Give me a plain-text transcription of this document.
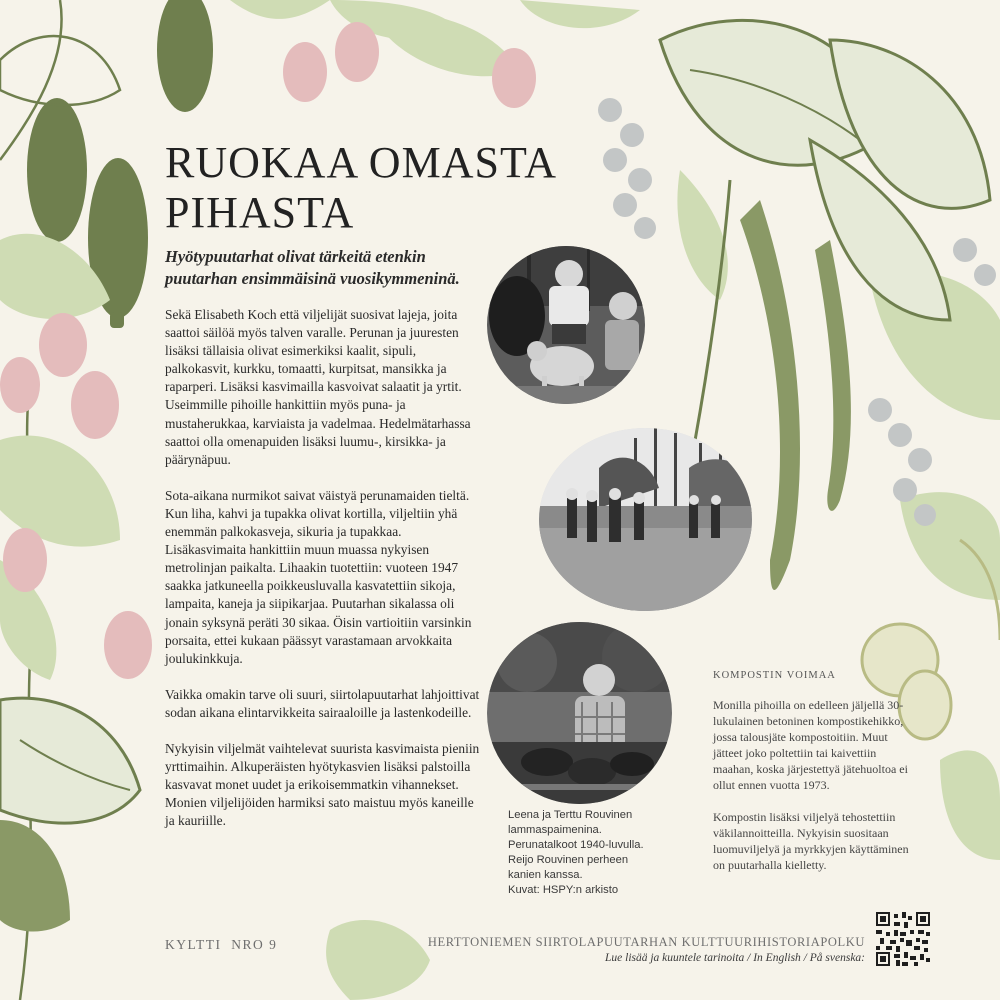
RUOKAA OMASTA
PIHASTA

Hyötypuutarhat olivat tärkeitä etenkin puutarhan ensimmäisinä vuosikymmeninä.

Sekä Elisabeth Koch että viljelijät suosivat lajeja, joita saattoi säilöä myös talven varalle. Perunan ja juuresten lisäksi tällaisia olivat esimerkiksi kaalit, sipuli, palkokasvit, kurkku, tomaatti, kurpitsat, mansikka ja raparperi. Lisäksi kasvimailla kasvoivat salaatit ja yrtit. Useimmille pihoille hankittiin myös puna- ja mustaherukkaa, karviaista ja vadelmaa. Hedelmätarhassa saattoi olla omenapuiden lisäksi luumu-, kirsikka- ja päärynäpuu.

Sota-aikana nurmikot saivat väistyä perunamaiden tieltä. Kun liha, kahvi ja tupakka olivat kortilla, viljeltiin yhä enemmän palkokasveja, sikuria ja tupakkaa. Lisäkasvimaita hankittiin muun muassa nykyisen metrolinjan paikalta. Lihaakin tuotettiin: vuoteen 1947 saakka jatkuneella poikkeusluvalla kasvatettiin sikoja, lampaita, kaneja ja siipikarjaa. Puutarhan sikalassa oli jonain syksynä peräti 30 sikaa. Öisin vartioitiin varsinkin porsaita, ettei kukaan päässyt varastamaan arvokkaita joulukinkkuja.

Vaikka omakin tarve oli suuri, siirtolapuutarhat lahjoittivat sodan aikana elintarvikkeita sairaaloille ja lastenkodeille.

Nykyisin viljelmät vaihtelevat suurista kasvimaista pieniin yrttimaihin. Alkuperäisten hyötykasvien lisäksi palstoilla kasvavat monet uudet ja erikoisemmatkin vihannekset. Monien viljelijöiden harmiksi sato maistuu myös kaneille ja kauriille.	Leena ja Terttu Rouvinen
lammaspaimenina.
Perunatalkoot 1940-luvulla.
Reijo Rouvinen perheen
kanien kanssa.
Kuvat: HSPY:n arkisto
KOMPOSTIN VOIMAA

Monilla pihoilla on edelleen jäljellä 30-lukulainen betoninen kompostikehikko, jossa talousjäte kompostoitiin. Muut jätteet joko poltettiin tai kaivettiin maahan, koska järjestettyä jätehuoltoa ei ollut ennen vuotta 1973.

Kompostin lisäksi viljelyä tehostettiin väkilannoitteilla. Nykyisin suositaan luomuviljelyä ja myrkkyjen käyttäminen on puutarhalla kielletty.

KYLTTI  NRO 9	HERTTONIEMEN SIIRTOLAPUUTARHAN KULTTUURIHISTORIAPOLKU
Lue lisää ja kuuntele tarinoita / In English / På svenska:
